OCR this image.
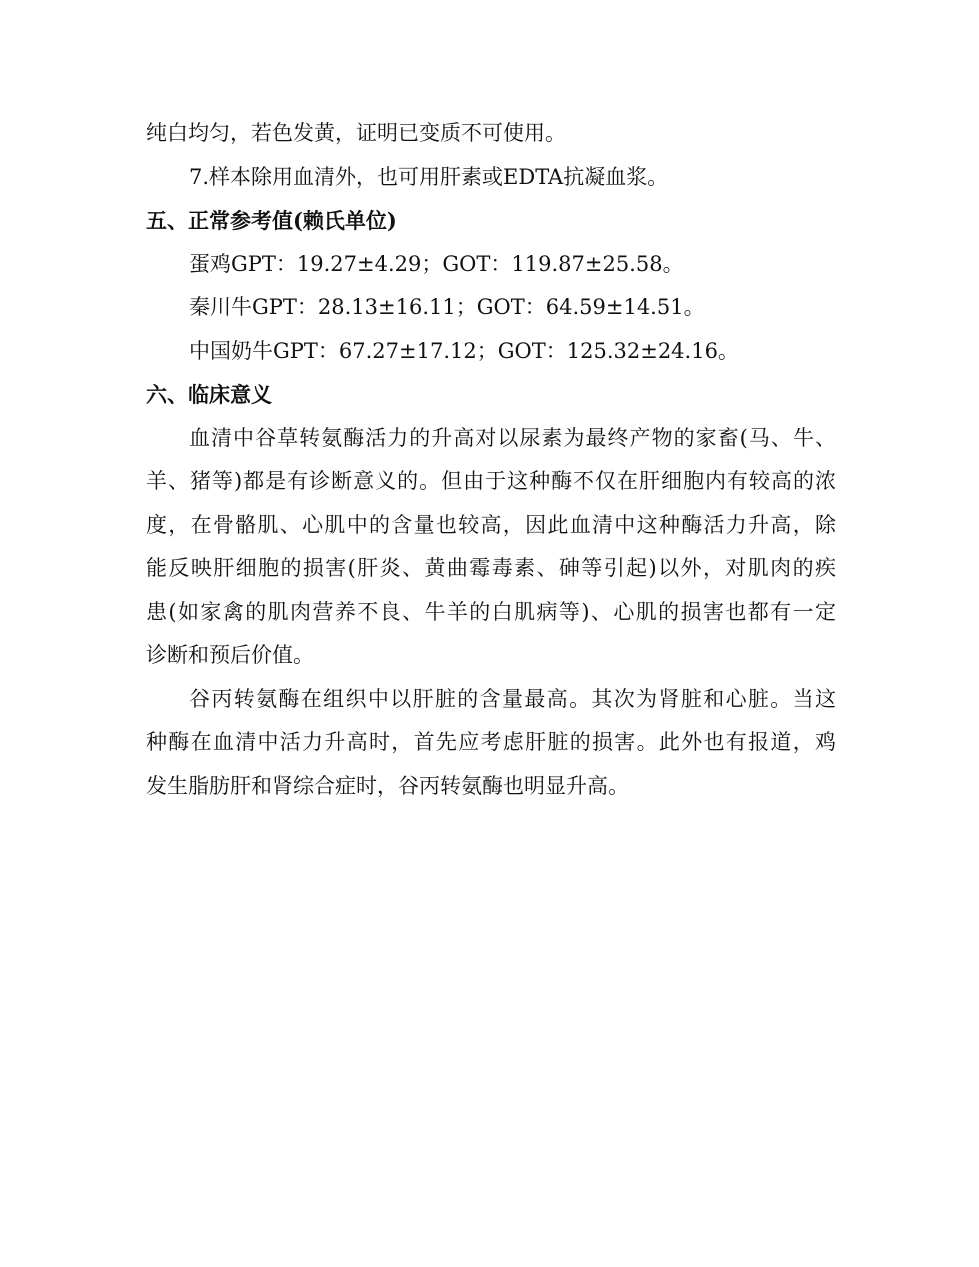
纯白均匀，若色发黄，证明已变质不可使用。
7.样本除用血清外，也可用肝素或EDTA抗凝血浆。
五、正常参考值(赖氏单位)
蛋鸡GPT：19.27±4.29；GOT：119.87±25.58。
秦川牛GPT：28.13±16.11；GOT：64.59±14.51。
中国奶牛GPT：67.27±17.12；GOT：125.32±24.16。
六、临床意义
血清中谷草转氨酶活力的升高对以尿素为最终产物的家畜(马、牛、
羊、猪等)都是有诊断意义的。但由于这种酶不仅在肝细胞内有较高的浓
度，在骨骼肌、心肌中的含量也较高，因此血清中这种酶活力升高，除
能反映肝细胞的损害(肝炎、黄曲霉毒素、砷等引起)以外，对肌肉的疾
患(如家禽的肌肉营养不良、牛羊的白肌病等)、心肌的损害也都有一定
诊断和预后价值。
谷丙转氨酶在组织中以肝脏的含量最高。其次为肾脏和心脏。当这
种酶在血清中活力升高时，首先应考虑肝脏的损害。此外也有报道，鸡
发生脂肪肝和肾综合症时，谷丙转氨酶也明显升高。
